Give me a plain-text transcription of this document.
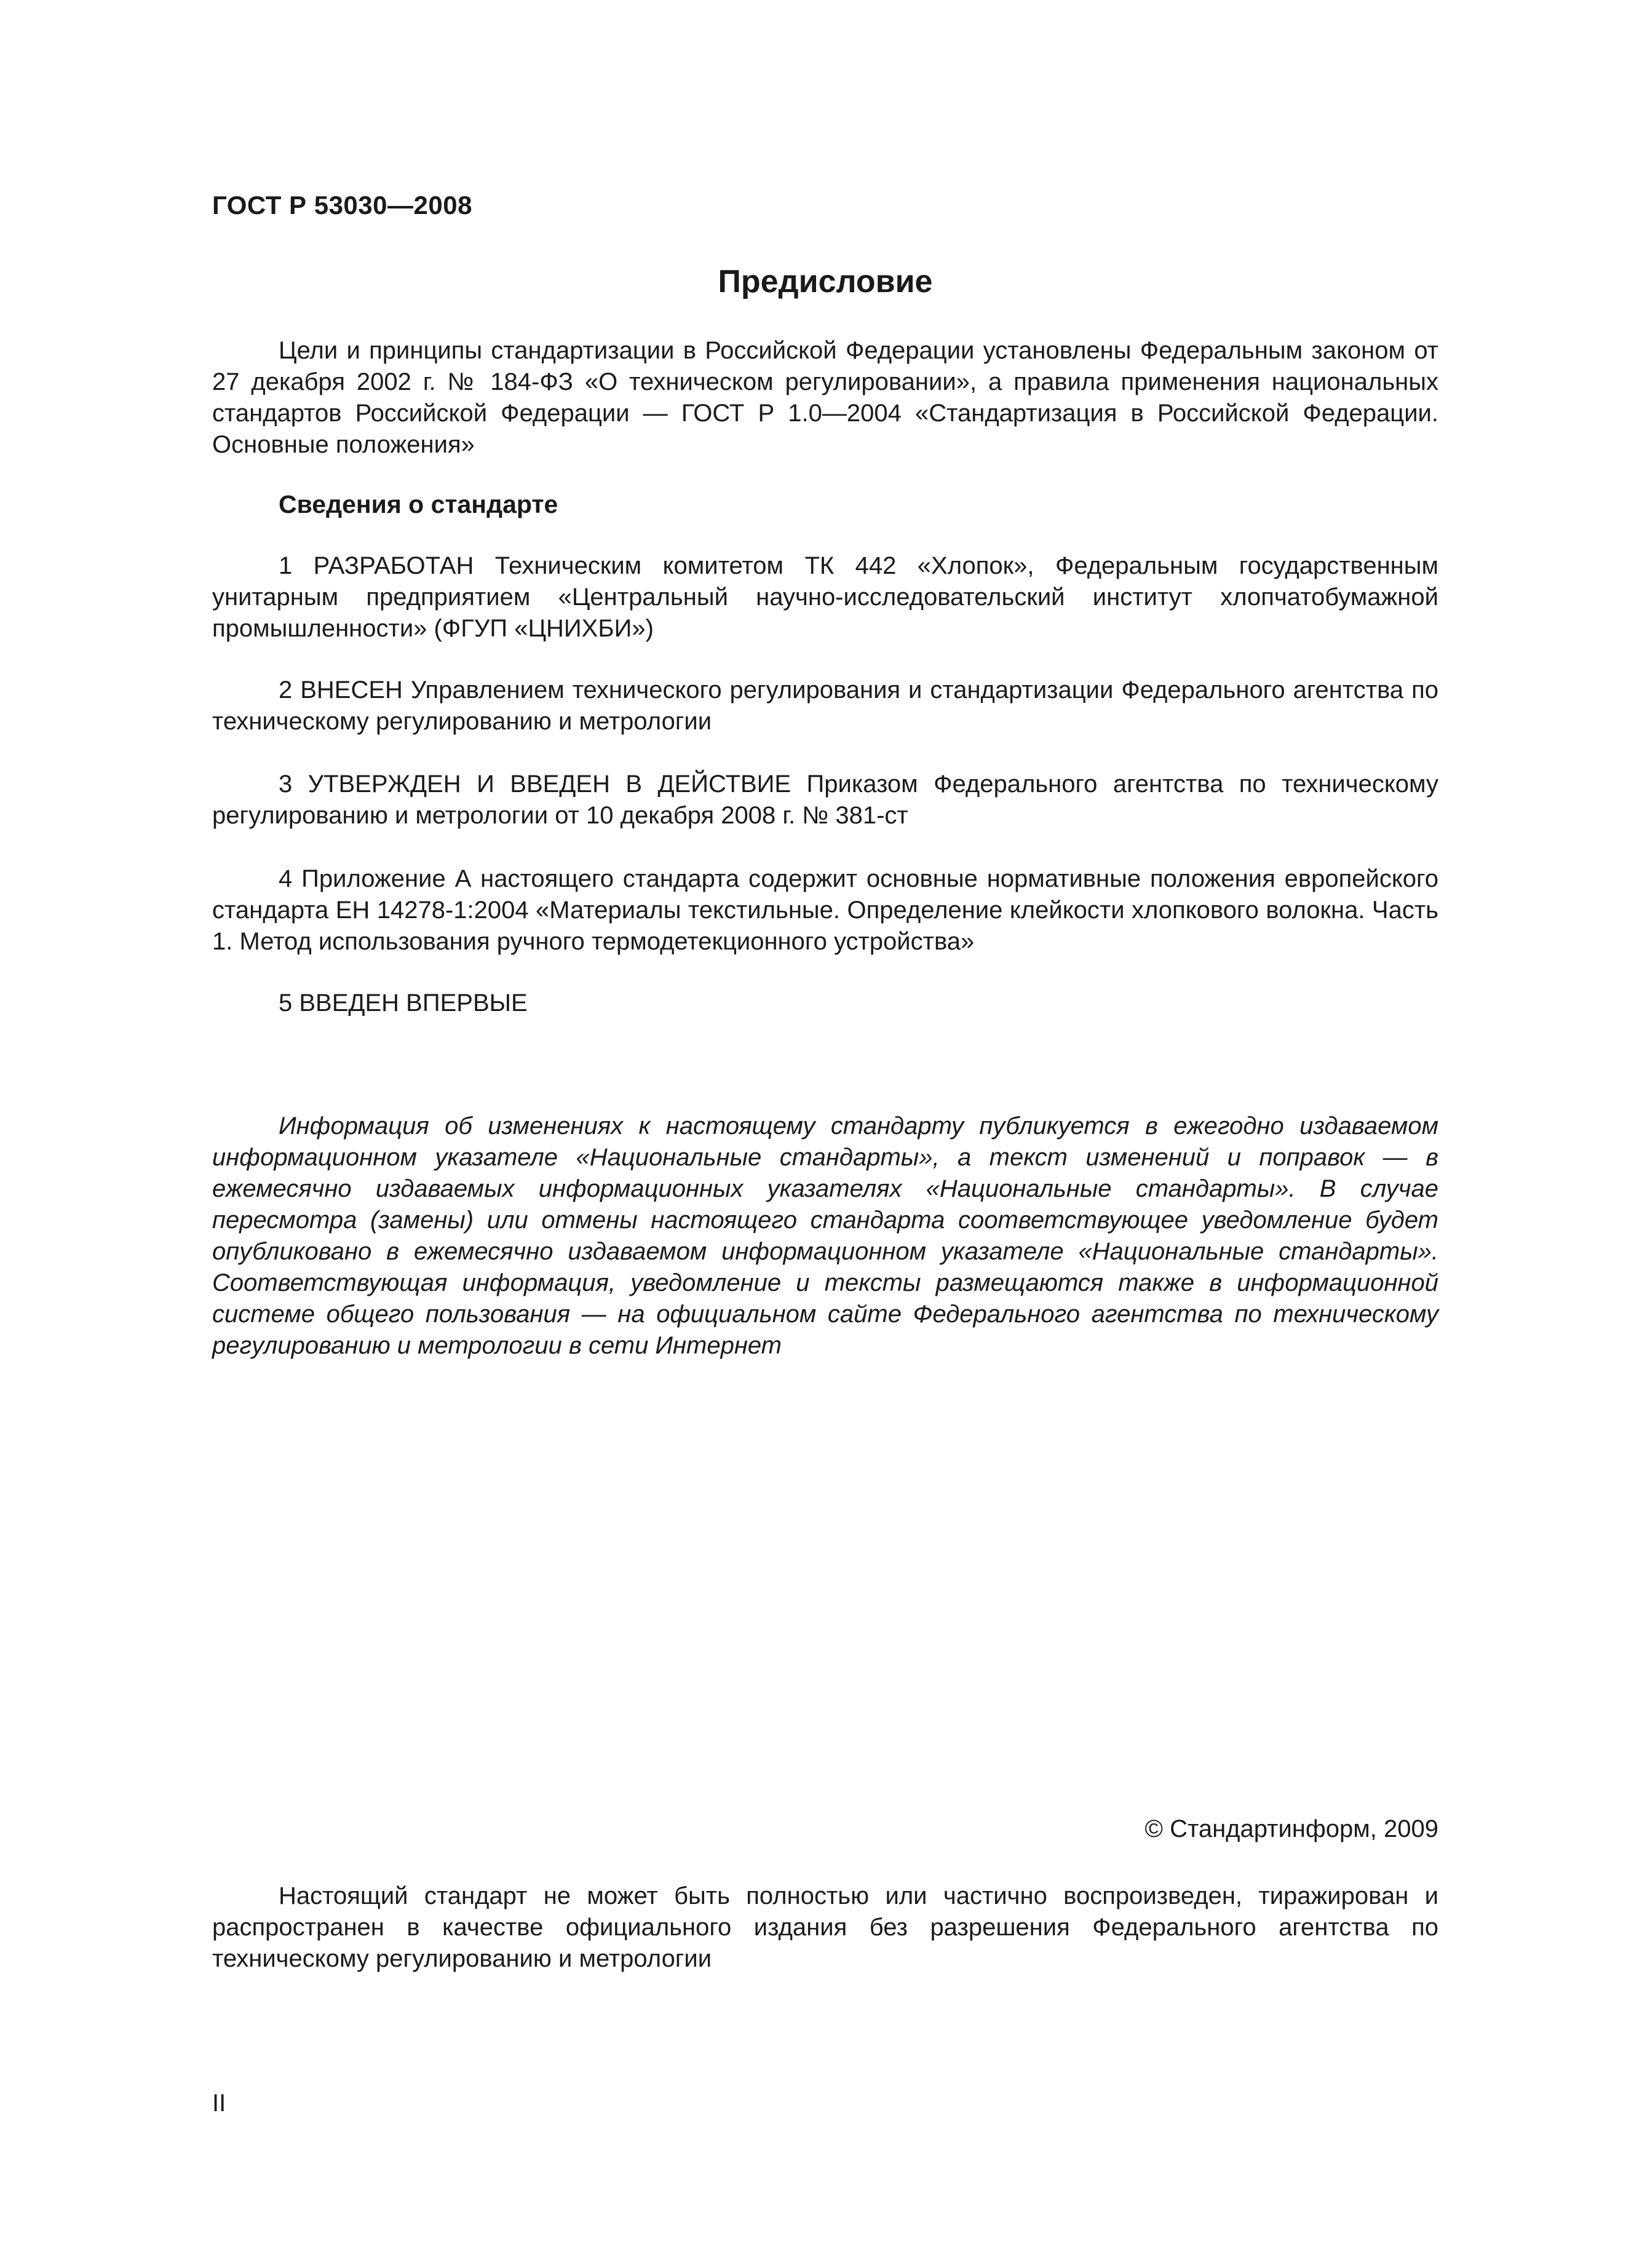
ГОСТ Р 53030—2008
Предисловие

Цели и принципы стандартизации в Российской Федерации установлены Федеральным законом от 27 декабря 2002 г. № 184-ФЗ «О техническом регулировании», а правила применения национальных стандартов Российской Федерации — ГОСТ Р 1.0—2004 «Стандартизация в Российской Федерации. Основные положения»

Сведения о стандарте

1 РАЗРАБОТАН Техническим комитетом ТК 442 «Хлопок», Федеральным государственным унитарным предприятием «Центральный научно-исследовательский институт хлопчатобумажной промышленности» (ФГУП «ЦНИХБИ»)

2 ВНЕСЕН Управлением технического регулирования и стандартизации Федерального агентства по техническому регулированию и метрологии

3 УТВЕРЖДЕН И ВВЕДЕН В ДЕЙСТВИЕ Приказом Федерального агентства по техническому регулированию и метрологии от 10 декабря 2008 г. № 381-ст

4 Приложение А настоящего стандарта содержит основные нормативные положения европейского стандарта ЕН 14278-1:2004 «Материалы текстильные. Определение клейкости хлопкового волокна. Часть 1. Метод использования ручного термодетекционного устройства»

5 ВВЕДЕН ВПЕРВЫЕ

Информация об изменениях к настоящему стандарту публикуется в ежегодно издаваемом информационном указателе «Национальные стандарты», а текст изменений и поправок — в ежемесячно издаваемых информационных указателях «Национальные стандарты». В случае пересмотра (замены) или отмены настоящего стандарта соответствующее уведомление будет опубликовано в ежемесячно издаваемом информационном указателе «Национальные стандарты». Соответствующая информация, уведомление и тексты размещаются также в информационной системе общего пользования — на официальном сайте Федерального агентства по техническому регулированию и метрологии в сети Интернет

© Стандартинформ, 2009

Настоящий стандарт не может быть полностью или частично воспроизведен, тиражирован и распространен в качестве официального издания без разрешения Федерального агентства по техническому регулированию и метрологии

II
